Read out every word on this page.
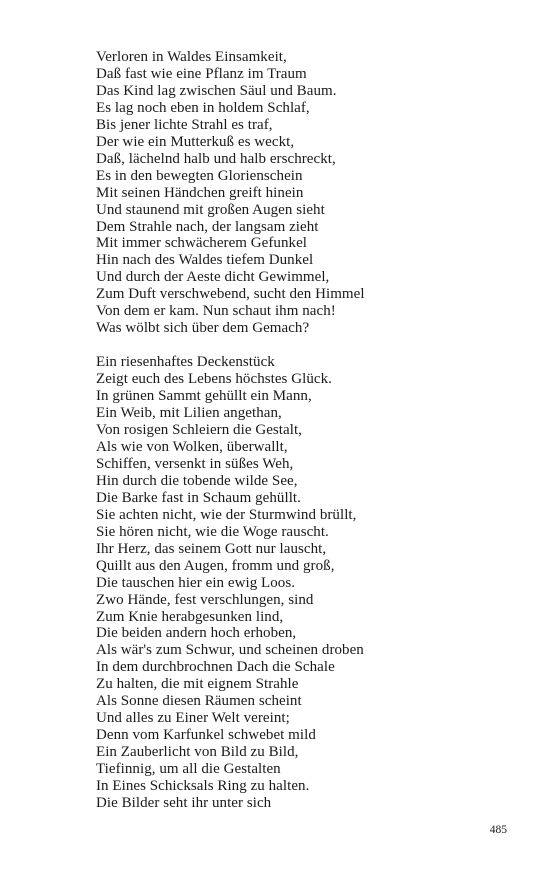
Verloren in Waldes Einsamkeit,
Daß fast wie eine Pflanz im Traum
Das Kind lag zwischen Säul und Baum.
Es lag noch eben in holdem Schlaf,
Bis jener lichte Strahl es traf,
Der wie ein Mutterkuß es weckt,
Daß, lächelnd halb und halb erschreckt,
Es in den bewegten Glorienschein
Mit seinen Händchen greift hinein
Und staunend mit großen Augen sieht
Dem Strahle nach, der langsam zieht
Mit immer schwächerem Gefunkel
Hin nach des Waldes tiefem Dunkel
Und durch der Aeste dicht Gewimmel,
Zum Duft verschwebend, sucht den Himmel
Von dem er kam. Nun schaut ihm nach!
Was wölbt sich über dem Gemach?
Ein riesenhaftes Deckenstück
Zeigt euch des Lebens höchstes Glück.
In grünen Sammt gehüllt ein Mann,
Ein Weib, mit Lilien angethan,
Von rosigen Schleiern die Gestalt,
Als wie von Wolken, überwallt,
Schiffen, versenkt in süßes Weh,
Hin durch die tobende wilde See,
Die Barke fast in Schaum gehüllt.
Sie achten nicht, wie der Sturmwind brüllt,
Sie hören nicht, wie die Woge rauscht.
Ihr Herz, das seinem Gott nur lauscht,
Quillt aus den Augen, fromm und groß,
Die tauschen hier ein ewig Loos.
Zwo Hände, fest verschlungen, sind
Zum Knie herabgesunken lind,
Die beiden andern hoch erhoben,
Als wär's zum Schwur, und scheinen droben
In dem durchbrochnen Dach die Schale
Zu halten, die mit eignem Strahle
Als Sonne diesen Räumen scheint
Und alles zu Einer Welt vereint;
Denn vom Karfunkel schwebet mild
Ein Zauberlicht von Bild zu Bild,
Tiefinnig, um all die Gestalten
In Eines Schicksals Ring zu halten.
Die Bilder seht ihr unter sich
485
